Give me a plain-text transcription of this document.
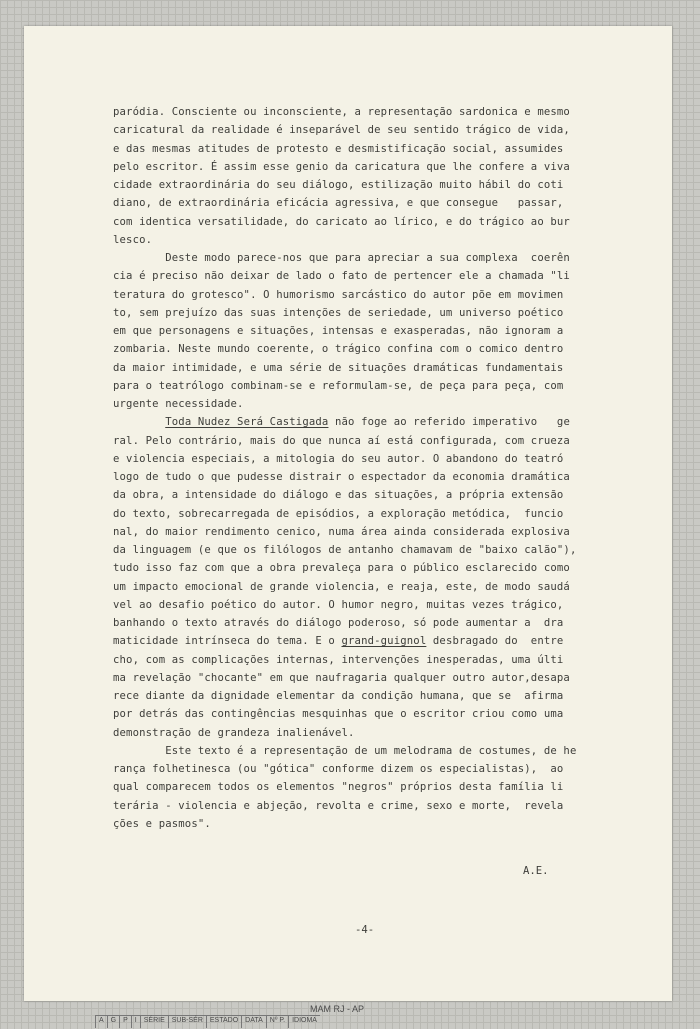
paródia. Consciente ou inconsciente, a representação sardonica e mesmo
caricatural da realidade é inseparável de seu sentido trágico de vida,
e das mesmas atitudes de protesto e desmistificação social, assumides
pelo escritor. É assim esse genio da caricatura que lhe confere a viva
cidade extraordinária do seu diálogo, estilização muito hábil do coti
diano, de extraordinária eficácia agressiva, e que consegue   passar,
com identica versatilidade, do caricato ao lírico, e do trágico ao bur
lesco.
Deste modo parece-nos que para apreciar a sua complexa  coerên
cia é preciso não deixar de lado o fato de pertencer ele a chamada "li
teratura do grotesco". O humorismo sarcástico do autor põe em movimen
to, sem prejuízo das suas intenções de seriedade, um universo poético
em que personagens e situações, intensas e exasperadas, não ignoram a
zombaria. Neste mundo coerente, o trágico confina com o comico dentro
da maior intimidade, e uma série de situações dramáticas fundamentais
para o teatrólogo combinam-se e reformulam-se, de peça para peça, com
urgente necessidade.
Toda Nudez Será Castigada não foge ao referido imperativo   ge
ral. Pelo contrário, mais do que nunca aí está configurada, com crueza
e violencia especiais, a mitologia do seu autor. O abandono do teatró
logo de tudo o que pudesse distrair o espectador da economia dramática
da obra, a intensidade do diálogo e das situações, a própria extensão
do texto, sobrecarregada de episódios, a exploração metódica,  funcio
nal, do maior rendimento cenico, numa área ainda considerada explosiva
da linguagem (e que os filólogos de antanho chamavam de "baixo calão"),
tudo isso faz com que a obra prevaleça para o público esclarecido como
um impacto emocional de grande violencia, e reaja, este, de modo saudá
vel ao desafio poético do autor. O humor negro, muitas vezes trágico,
banhando o texto através do diálogo poderoso, só pode aumentar a  dra
maticidade intrínseca do tema. E o grand-guignol desbragado do  entre
cho, com as complicações internas, intervenções inesperadas, uma últi
ma revelação "chocante" em que naufragaria qualquer outro autor,desapa
rece diante da dignidade elementar da condição humana, que se  afirma
por detrás das contingências mesquinhas que o escritor criou como uma
demonstração de grandeza inalienável.
Este texto é a representação de um melodrama de costumes, de he
rança folhetinesca (ou "gótica" conforme dizem os especialistas),  ao
qual comparecem todos os elementos "negros" próprios desta família li
terária - violencia e abjeção, revolta e crime, sexo e morte,  revela
ções e pasmos".
A.E.
-4-
MAM RJ - AP
A	G	P	I	SÉRIE	SUB-SÉR	ESTADO	DATA	Nº P.	IDIOMA
